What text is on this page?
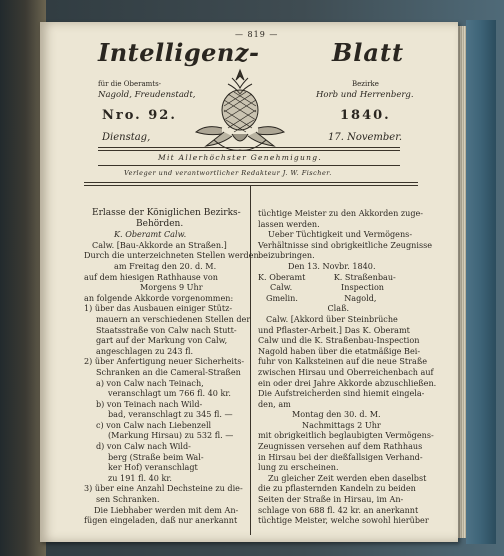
— 819 —
Intelligenz-	Blatt
für die Oberamts-	Bezirke
Nagold, Freudenstadt,	Horb und Herrenberg.
Nro. 92.	1840.
Dienstag,	17. November.
Mit Allerhöchster Genehmigung.
Verleger und verantwortlicher Redakteur J. W. Fischer.
Erlasse der Königlichen Bezirks-
Behörden.
K. Oberamt Calw.
Calw. [Bau-Akkorde an Straßen.]
Durch die unterzeichneten Stellen werden
am Freitag den 20. d. M.
auf dem hiesigen Rathhause von
Morgens 9 Uhr
an folgende Akkorde vorgenommen:
1) über das Ausbauen einiger Stütz-
mauern an verschiedenen Stellen der
Staatsstraße von Calw nach Stutt-
gart auf der Markung von Calw,
angeschlagen zu 243 fl.
2) über Anfertigung neuer Sicherheits-
Schranken an die Cameral-Straßen
a) von Calw nach Teinach,
veranschlagt um 766 fl. 40 kr.
b) von Teinach nach Wild-
bad, veranschlagt zu 345 fl. —
c) von Calw nach Liebenzell
(Markung Hirsau) zu 532 fl. —
d) von Calw nach Wild-
berg (Straße beim Wal-
ker Hof) veranschlagt
zu 191 fl. 40 kr.
3) über eine Anzahl Dechsteine zu die-
sen Schranken.
Die Liebhaber werden mit dem An-
fügen eingeladen, daß nur anerkannt
tüchtige Meister zu den Akkorden zuge-
lassen werden.
Ueber Tüchtigkeit und Vermögens-
Verhältnisse sind obrigkeitliche Zeugnisse
beizubringen.
Den 13. Novbr. 1840.
K. Oberamt           K. Straßenbau-
Calw.                   Inspection
Gmelin.                  Nagold,
Claß.
Calw. [Akkord über Steinbrüche
und Pflaster-Arbeit.] Das K. Oberamt
Calw und die K. Straßenbau-Inspection
Nagold haben über die etatmäßige Bei-
fuhr von Kalksteinen auf die neue Straße
zwischen Hirsau und Oberreichenbach auf
ein oder drei Jahre Akkorde abzuschließen.
Die Aufstreicherden sind hiemit eingela-
den, am
Montag den 30. d. M.
Nachmittags 2 Uhr
mit obrigkeitlich beglaubigten Vermögens-
Zeugnissen versehen auf dem Rathhaus
in Hirsau bei der dießfallsigen Verhand-
lung zu erscheinen.
Zu gleicher Zeit werden eben daselbst
die zu pflasternden Kandeln zu beiden
Seiten der Straße in Hirsau, im An-
schlage von 688 fl. 42 kr. an anerkannt
tüchtige Meister, welche sowohl hierüber
